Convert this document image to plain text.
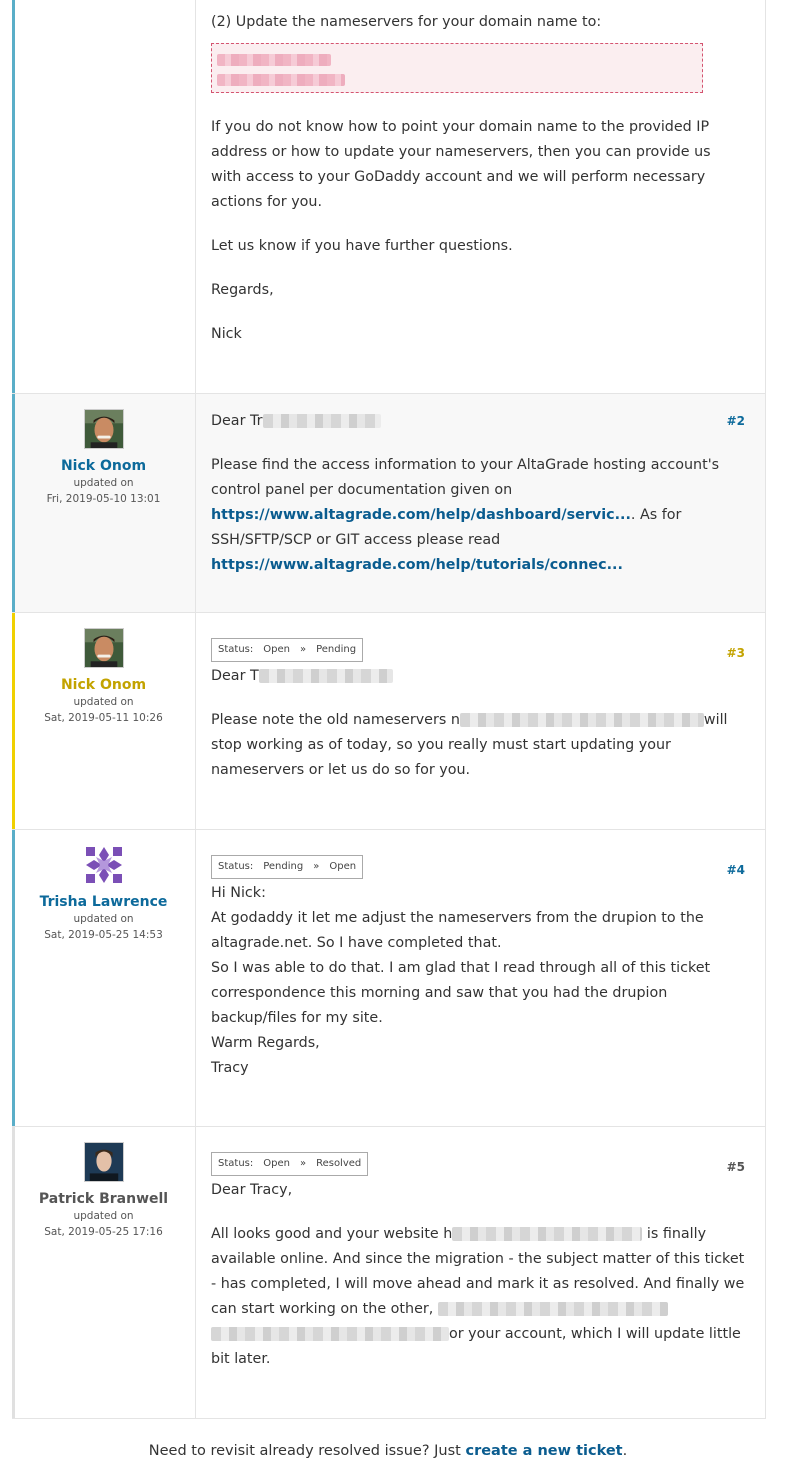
(2) Update the nameservers for your domain name to:

If you do not know how to point your domain name to the provided IP address or how to update your nameservers, then you can provide us with access to your GoDaddy account and we will perform necessary actions for you.

Let us know if you have further questions.

Regards,

Nick

Nick Onom
updated on
Fri, 2019-05-10 13:01
#2

Dear Tr

Please find the access information to your AltaGrade hosting account's control panel per documentation given on https://www.altagrade.com/help/dashboard/servic.... As for SSH/SFTP/SCP or GIT access please read https://www.altagrade.com/help/tutorials/connec...

Nick Onom
updated on
Sat, 2019-05-11 10:26
#3
Status: Open » Pending

Dear T

Please note the old nameservers n	will stop working as of today, so you really must start updating your nameservers or let us do so for you.

Trisha Lawrence
updated on
Sat, 2019-05-25 14:53
#4
Status: Pending » Open
Hi Nick:
At godaddy it let me adjust the nameservers from the drupion to the altagrade.net. So I have completed that.
So I was able to do that. I am glad that I read through all of this ticket correspondence this morning and saw that you had the drupion backup/files for my site.
Warm Regards,
Tracy
Patrick Branwell
updated on
Sat, 2019-05-25 17:16
#5
Status: Open » Resolved

Dear Tracy,

All looks good and your website h	is finally available online. And since the migration - the subject matter of this ticket - has completed, I will move ahead and mark it as resolved. And finally we can start working on the other,  or your account, which I will update little bit later.

Need to revisit already resolved issue? Just create a new ticket.
